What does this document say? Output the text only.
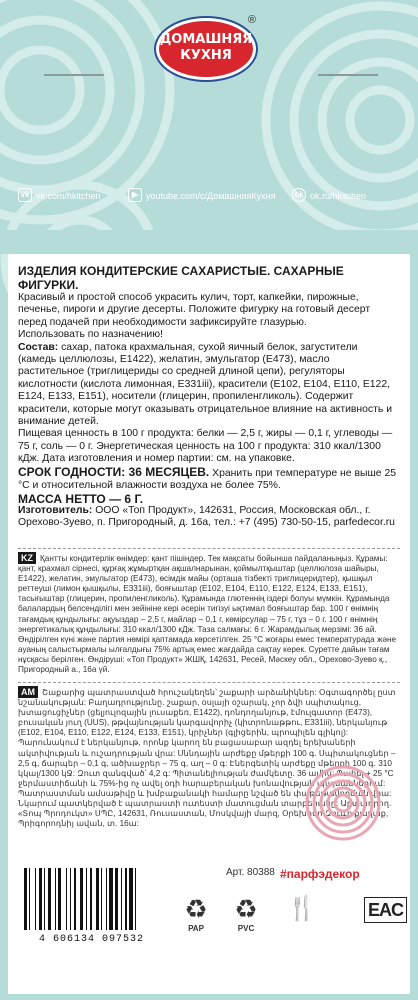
ДОМАШНЯЯ
КУХНЯ
®
vk vk.com/hkitchen	▶ youtube.com/c/ДомашняяКухня ok ok.ru/hkitchen

ИЗДЕЛИЯ КОНДИТЕРСКИЕ САХАРИСТЫЕ. САХАРНЫЕ ФИГУРКИ.

Красивый и простой способ украсить кулич, торт, капкейки, пирожные, печенье, пироги и другие десерты. Положите фигурку на готовый десерт перед подачей при необходимости зафиксируйте глазурью.

Использовать по назначению!

Состав: сахар, патока крахмальная, сухой яичный белок, загустители (камедь целлюлозы, E1422), желатин, эмульгатор (E473), масло растительное (триглицериды со средней длиной цепи), регуляторы кислотности (кислота лимонная, E331iii), красители (E102, E104, E110, E122, E124, E133, E151), носители (глицерин, пропиленгликоль). Содержит красители, которые могут оказывать отрицательное влияние на активность и внимание детей.

Пищевая ценность в 100 г продукта: белки — 2,5 г, жиры — 0,1 г, углеводы — 75 г, соль — 0 г. Энергетическая ценность на 100 г продукта: 310 ккал/1300 кДж. Дата изготовления и номер партии: см. на упаковке.

СРОК ГОДНОСТИ: 36 МЕСЯЦЕВ. Хранить при температуре не выше 25 °С и относительной влажности воздуха не более 75%.

МАССА НЕТТО — 6 Г.

Изготовитель: ООО «Топ Продукт», 142631, Россия, Московская обл., г. Орехово-Зуево, п. Пригородный, д. 16а, тел.: +7 (495) 730-50-15, parfedecor.ru

KZ Қантты кондитерлік өнімдер: қант пішіндер. Тек мақсаты бойынша пайдаланыңыз. Құрамы: қант, крахмал сірнесі, құрғақ жұмыртқан ақшалнарынан, қоймылтқыштар (целлюлоза шайыры, E1422), желатин, эмульгатор (E473), өсімдік майы (орташа тізбекті триглицеридтер), қышқыл реттеуші (лимон қышқылы, E331iii), бояғыштар (E102, E104, E110, E122, E124, E133, E151), тасығыштар (глицерин, пропиленгликоль). Құрамында глютеннің іздері болуы мүмкін. Құрамында балалардың белсенділігі мен зейініне кері әсерін тигізуі ықтимал бояғыштар бар. 100 г өнімнің тағамдық құндылығы: ақуыздар – 2,5 г, майлар – 0,1 г, көмірсулар – 75 г, тұз – 0 г. 100 г өнімнің энергетикалық құндылығы: 310 ккал/1300 кДж. Таза салмағы: 6 г. Жарамдылық мерзімі: 36 ай. Өндірілген күні және партия нөмірі қаптамада көрсетілген. 25 °C жоғары емес температурада және ауаның салыстырмалы ылғалдығы 75% артық емес жағдайда сақтау керек. Суретте дайын тағам нұсқасы берілген. Өндіруші: «Топ Продукт» ЖШҚ, 142631, Ресей, Мәскеу обл., Орехово-Зуево қ., Пригородный а., 16а үй.
AM Շաքարից պատրաստված հրուշակեղեն՝ շաքարի արձանիկներ: Օգտագործել ըստ նշանակության: Բաղադրությունը. շաքար, օսլայի օշարակ, չոր ձվի սպիտակուց, խտացուցիչներ (ցելյուլոզային լուսաքեռ, E1422), դոնդողանյութ, էմուլգատոր (E473), բուսական յուղ (UUS), թթվայնության կարգավորիչ (կիտրոնաթթու, E331iii), ներկանյութ (E102, E104, E110, E122, E124, E133, E151), կրիչներ (գլիցերին, պրոպիլեն գլիկոլ): Պարունակում է ներկանյութ, որոնք կարող են բացասաբար ազդել երեխաների ակտիվության և ուշադրության վրա: Սննդային արժեքը մթերքի 100 գ. Սպիտակուցներ – 2,5 գ, ճարպեր – 0,1 գ, ածխաջրեր – 75 գ, աղ – 0 գ: Էներգետիկ արժեքը մթերքի 100 գ. 310 կկալ/1300 կՋ: Զուտ զանգված՝ 4,2 գ: Պիտանելիության ժամկետը. 36 ամիս: Պահել + 25 °C ջերմաստիճանի և 75%-ից ոչ ավել օդի հարաբերական խոնավության պայմաններում: Պատրաստման ամսաթիվը և խմբաքանակի համարը նշված են փաթեթավորման վրա: Նկարում պատկերված է պատրաստի ուտեստի մատուցման տարբերակը: Արտադրող. «Տոպ Պրոդուկտ» ՍՊԸ, 142631, Ռուսաստան, Մոսկվայի մարզ, Օրեխովո-Զուևո քաղաք, Պրիգորոդնիյ ավան, տ. 16ա:
4 606134 097532
Арт. 80388 #парфэдекор
♻
PAP
♻
PVC
🍴	EAC
